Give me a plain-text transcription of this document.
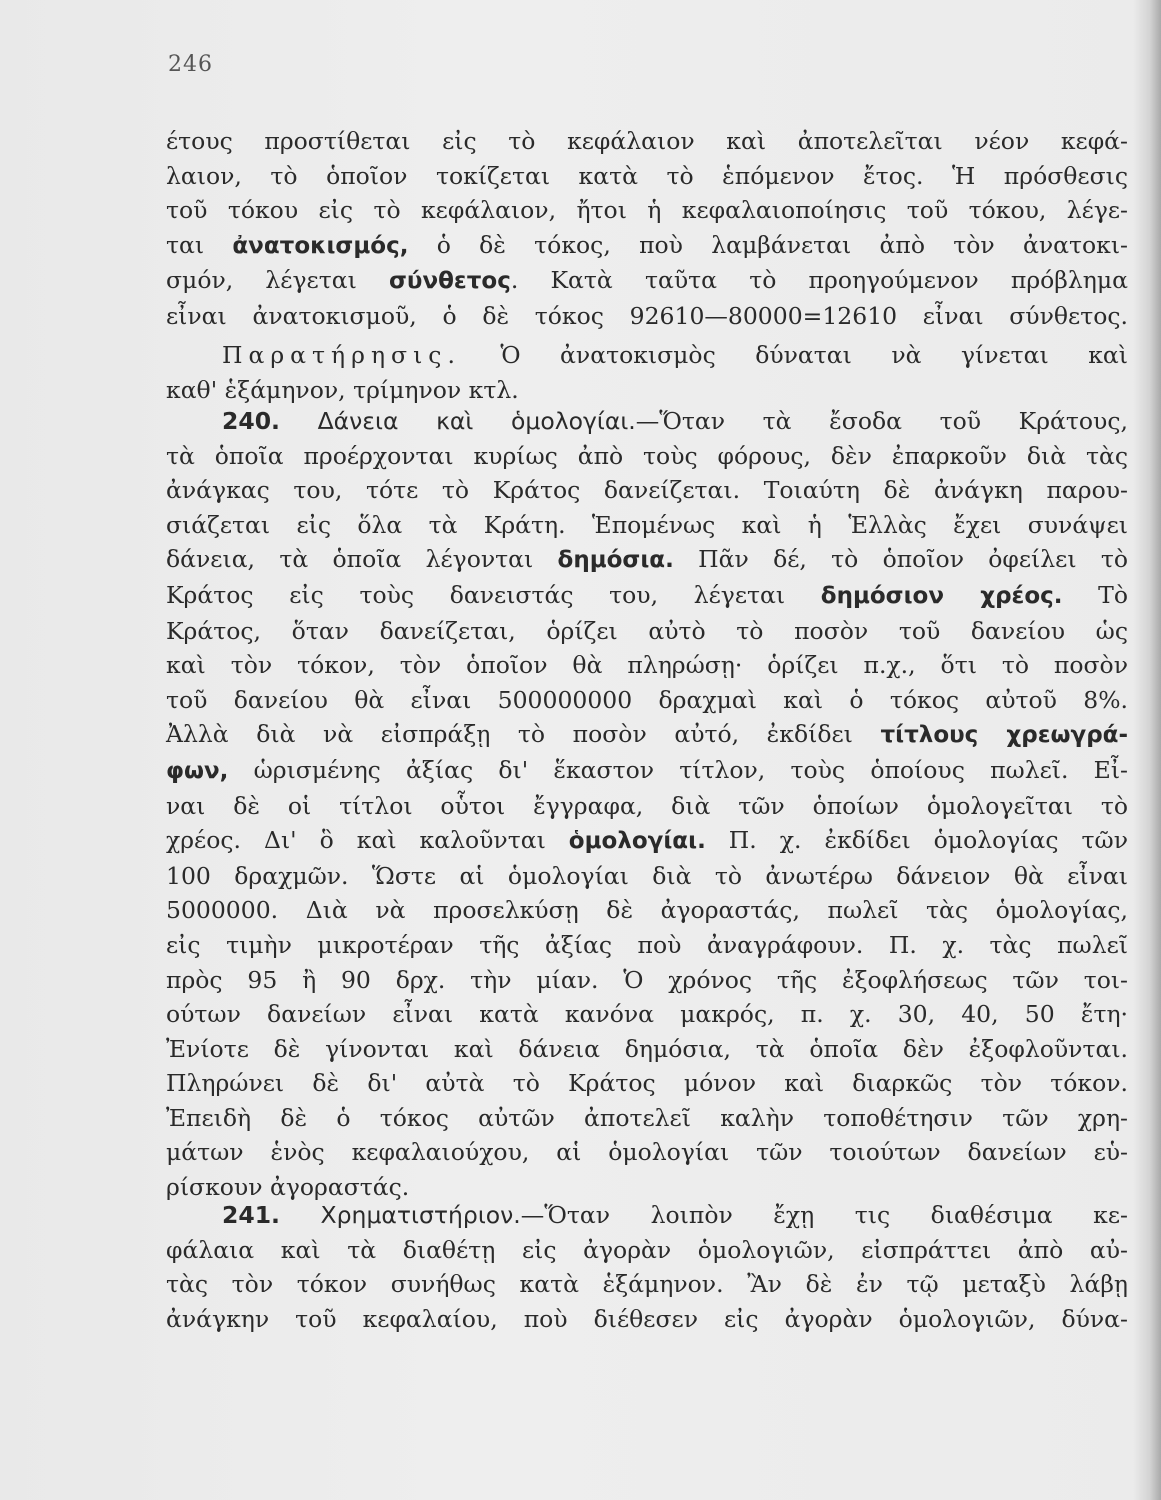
246
έτους προστίθεται εἰς τὸ κεφάλαιον καὶ ἀποτελεῖται νέον κεφά-
λαιον, τὸ ὁποῖον τοκίζεται κατὰ τὸ ἑπόμενον ἔτος. Ἡ πρόσθεσις
τοῦ τόκου εἰς τὸ κεφάλαιον, ἤτοι ἡ κεφαλαιοποίησις τοῦ τόκου, λέγε-
ται ἀνατοκισμός, ὁ δὲ τόκος, ποὺ λαμβάνεται ἀπὸ τὸν ἀνατοκι-
σμόν, λέγεται σύνθετος. Κατὰ ταῦτα τὸ προηγούμενον πρόβλημα
εἶναι ἀνατοκισμοῦ, ὁ δὲ τόκος 92610—80000=12610 εἶναι σύνθετος.
Παρατήρησις. Ὁ ἀνατοκισμὸς δύναται νὰ γίνεται καὶ
καθ' ἑξάμηνον, τρίμηνον κτλ.
240. Δάνεια καὶ ὁμολογίαι.—Ὅταν τὰ ἔσοδα τοῦ Κράτους,
τὰ ὁποῖα προέρχονται κυρίως ἀπὸ τοὺς φόρους, δὲν ἐπαρκοῦν διὰ τὰς
ἀνάγκας του, τότε τὸ Κράτος δανείζεται. Τοιαύτη δὲ ἀνάγκη παρου-
σιάζεται εἰς ὅλα τὰ Κράτη. Ἑπομένως καὶ ἡ Ἑλλὰς ἔχει συνάψει
δάνεια, τὰ ὁποῖα λέγονται δημόσια. Πᾶν δέ, τὸ ὁποῖον ὀφείλει τὸ
Κράτος εἰς τοὺς δανειστάς του, λέγεται δημόσιον χρέος. Τὸ
Κράτος, ὅταν δανείζεται, ὁρίζει αὐτὸ τὸ ποσὸν τοῦ δανείου ὡς
καὶ τὸν τόκον, τὸν ὁποῖον θὰ πληρώσῃ· ὁρίζει π.χ., ὅτι τὸ ποσὸν
τοῦ δανείου θὰ εἶναι 500000000 δραχμαὶ καὶ ὁ τόκος αὐτοῦ 8%.
Ἀλλὰ διὰ νὰ εἰσπράξῃ τὸ ποσὸν αὐτό, ἐκδίδει τίτλους χρεωγρά-
φων, ὡρισμένης ἀξίας δι' ἕκαστον τίτλον, τοὺς ὁποίους πωλεῖ. Εἶ-
ναι δὲ οἱ τίτλοι οὗτοι ἔγγραφα, διὰ τῶν ὁποίων ὁμολογεῖται τὸ
χρέος. Δι' ὃ καὶ καλοῦνται ὁμολογίαι. Π. χ. ἐκδίδει ὁμολογίας τῶν
100 δραχμῶν. Ὥστε αἱ ὁμολογίαι διὰ τὸ ἀνωτέρω δάνειον θὰ εἶναι
5000000. Διὰ νὰ προσελκύσῃ δὲ ἀγοραστάς, πωλεῖ τὰς ὁμολογίας,
εἰς τιμὴν μικροτέραν τῆς ἀξίας ποὺ ἀναγράφουν. Π. χ. τὰς πωλεῖ
πρὸς 95 ἢ 90 δρχ. τὴν μίαν. Ὁ χρόνος τῆς ἐξοφλήσεως τῶν τοι-
ούτων δανείων εἶναι κατὰ κανόνα μακρός, π. χ. 30, 40, 50 ἔτη·
Ἐνίοτε δὲ γίνονται καὶ δάνεια δημόσια, τὰ ὁποῖα δὲν ἐξοφλοῦνται.
Πληρώνει δὲ δι' αὐτὰ τὸ Κράτος μόνον καὶ διαρκῶς τὸν τόκον.
Ἐπειδὴ δὲ ὁ τόκος αὐτῶν ἀποτελεῖ καλὴν τοποθέτησιν τῶν χρη-
μάτων ἑνὸς κεφαλαιούχου, αἱ ὁμολογίαι τῶν τοιούτων δανείων εὑ-
ρίσκουν ἀγοραστάς.
241. Χρηματιστήριον.—Ὅταν λοιπὸν ἔχῃ τις διαθέσιμα κε-
φάλαια καὶ τὰ διαθέτῃ εἰς ἀγορὰν ὁμολογιῶν, εἰσπράττει ἀπὸ αὐ-
τὰς τὸν τόκον συνήθως κατὰ ἑξάμηνον. Ἂν δὲ ἐν τῷ μεταξὺ λάβῃ
ἀνάγκην τοῦ κεφαλαίου, ποὺ διέθεσεν εἰς ἀγορὰν ὁμολογιῶν, δύνα-
